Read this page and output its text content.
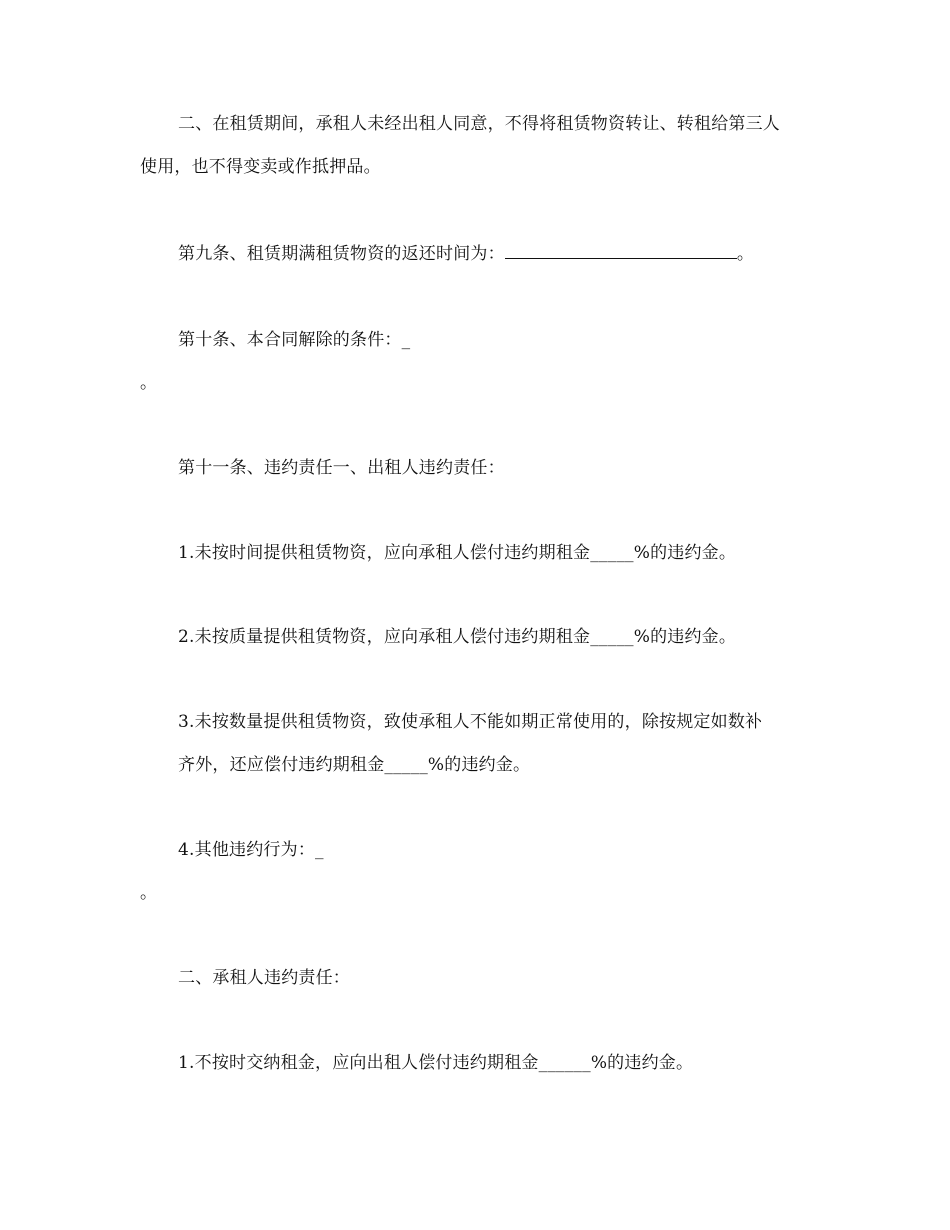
二、在租赁期间，承租人未经出租人同意，不得将租赁物资转让、转租给第三人
使用，也不得变卖或作抵押品。
第九条、租赁期满租赁物资的返还时间为：	。
第十条、本合同解除的条件：_
。
第十一条、违约责任一、出租人违约责任：
1.未按时间提供租赁物资，应向承租人偿付违约期租金_____%的违约金。
2.未按质量提供租赁物资，应向承租人偿付违约期租金_____%的违约金。
3.未按数量提供租赁物资，致使承租人不能如期正常使用的，除按规定如数补
齐外，还应偿付违约期租金_____%的违约金。
4.其他违约行为：_
。
二、承租人违约责任：
1.不按时交纳租金，应向出租人偿付违约期租金______%的违约金。
